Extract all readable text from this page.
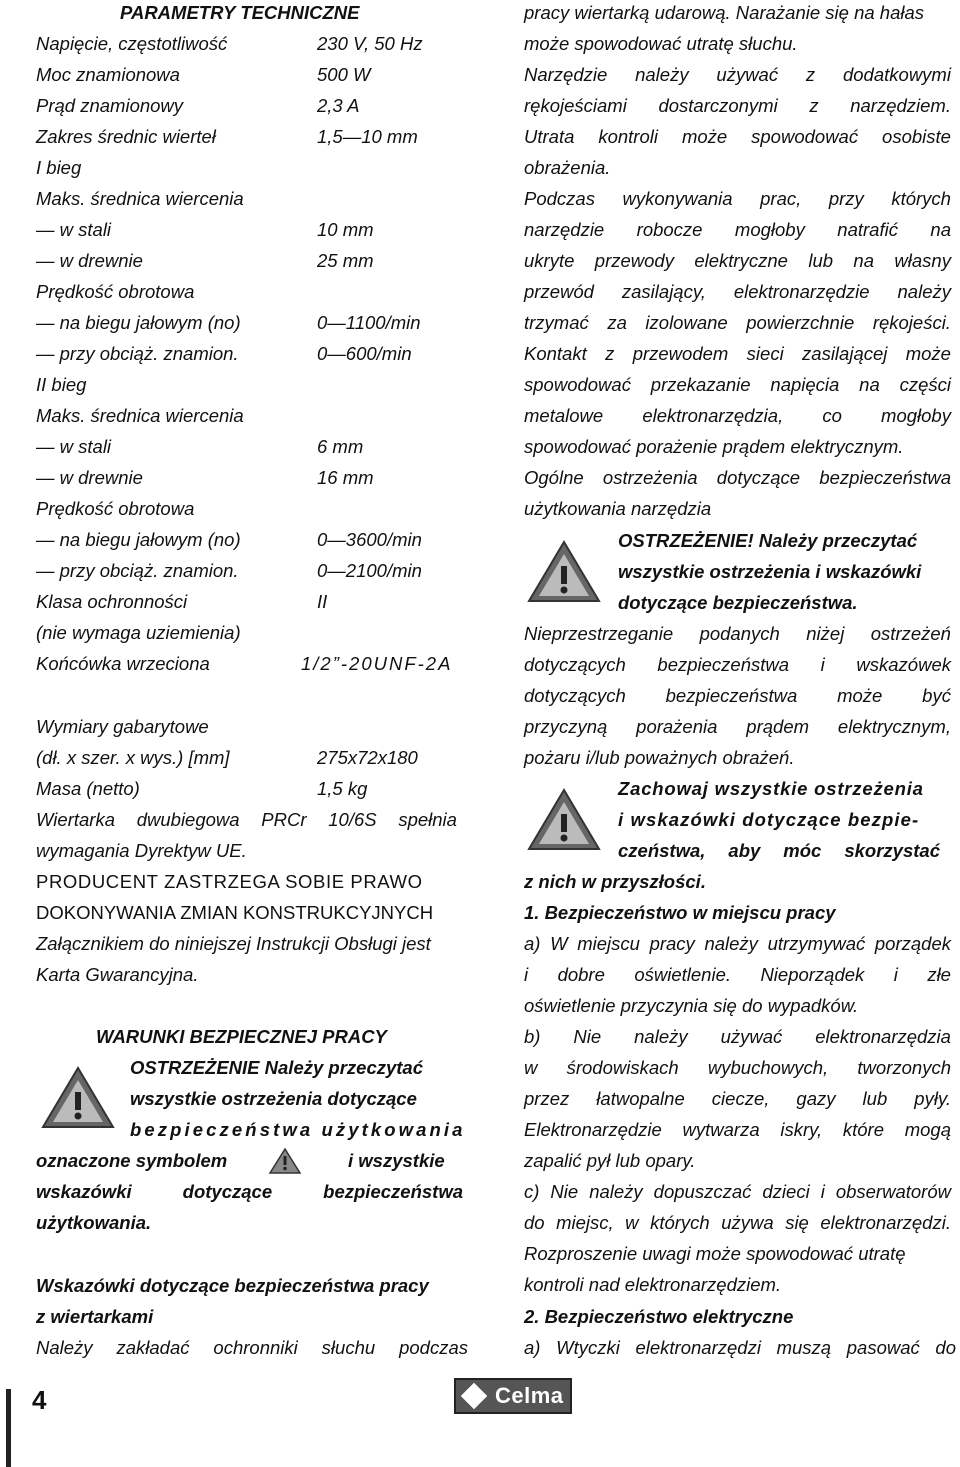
PARAMETRY TECHNICZNE
Napięcie, częstotliwość	230 V, 50 Hz
Moc znamionowa	500 W
Prąd znamionowy	2,3 A
Zakres średnic wierteł	1,5—10 mm
I bieg
Maks. średnica wiercenia
— w stali	10 mm
— w drewnie	25 mm
Prędkość obrotowa
— na biegu jałowym (no)	0—1100/min
— przy obciąż. znamion.	0—600/min
II bieg
Maks. średnica wiercenia
— w stali	6 mm
— w drewnie	16 mm
Prędkość obrotowa
— na biegu jałowym (no)	0—3600/min
— przy obciąż. znamion.	0—2100/min
Klasa ochronności	II
(nie wymaga uziemienia)
Końcówka wrzeciona	1/2”-20UNF-2A
Wymiary gabarytowe
(dł. x szer. x wys.) [mm]	275x72x180
Masa (netto)	1,5 kg
Wiertarka dwubiegowa PRCr 10/6S spełnia
wymagania Dyrektyw UE.
PRODUCENT ZASTRZEGA SOBIE PRAWO
DOKONYWANIA ZMIAN KONSTRUKCYJNYCH
Załącznikiem do niniejszej Instrukcji Obsługi jest
Karta Gwarancyjna.
WARUNKI BEZPIECZNEJ PRACY
OSTRZEŻENIE Należy przeczytać
wszystkie ostrzeżenia dotyczące
bezpieczeństwa użytkowania
oznaczone symbolem	i wszystkie
wskazówki	dotyczące	bezpieczeństwa
użytkowania.
Wskazówki dotyczące bezpieczeństwa pracy
z wiertarkami
Należy zakładać ochronniki słuchu podczas
pracy wiertarką udarową. Narażanie się na hałas
może spowodować utratę słuchu.
Narzędzie należy używać z dodatkowymi
rękojeściami dostarczonymi z narzędziem.
Utrata kontroli może spowodować osobiste
obrażenia.
Podczas wykonywania prac, przy których
narzędzie robocze mogłoby natrafić na
ukryte przewody elektryczne lub na własny
przewód zasilający, elektronarzędzie należy
trzymać za izolowane powierzchnie rękojeści.
Kontakt z przewodem sieci zasilającej może
spowodować przekazanie napięcia na części
metalowe elektronarzędzia, co mogłoby
spowodować porażenie prądem elektrycznym.
Ogólne ostrzeżenia dotyczące bezpieczeństwa
użytkowania narzędzia
OSTRZEŻENIE! Należy przeczytać
wszystkie ostrzeżenia i wskazówki
dotyczące bezpieczeństwa.
Nieprzestrzeganie podanych niżej ostrzeżeń
dotyczących bezpieczeństwa i wskazówek
dotyczących bezpieczeństwa może być
przyczyną porażenia prądem elektrycznym,
pożaru i/lub poważnych obrażeń.
Zachowaj wszystkie ostrzeżenia
i wskazówki dotyczące bezpie-
czeństwa, aby móc skorzystać
z nich w przyszłości.
1. Bezpieczeństwo w miejscu pracy
a) W miejscu pracy należy utrzymywać porządek
i dobre oświetlenie. Nieporządek i złe
oświetlenie przyczynia się do wypadków.
b) Nie należy używać elektronarzędzia
w środowiskach wybuchowych, tworzonych
przez łatwopalne ciecze, gazy lub pyły.
Elektronarzędzie wytwarza iskry, które mogą
zapalić pył lub opary.
c) Nie należy dopuszczać dzieci i obserwatorów
do miejsc, w których używa się elektronarzędzi.
Rozproszenie uwagi może spowodować utratę
kontroli nad elektronarzędziem.
2. Bezpieczeństwo elektryczne
a) Wtyczki elektronarzędzi muszą pasować do
4	Celma
